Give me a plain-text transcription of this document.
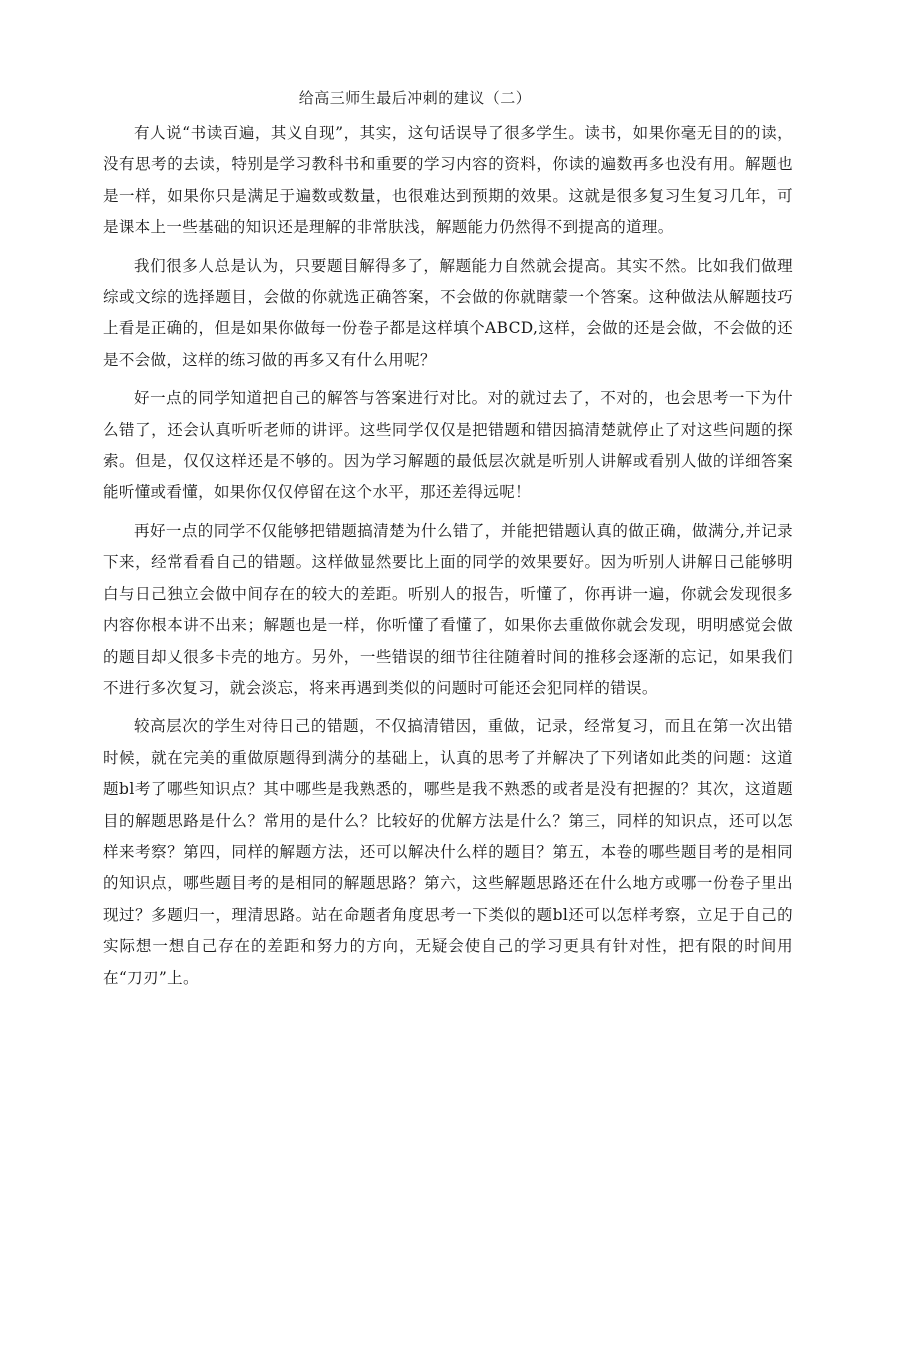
给高三师生最后冲刺的建议（二）

有人说“书读百遍，其义自现”，其实，这句话误导了很多学生。读书，如果你毫无目的的读，没有思考的去读，特别是学习教科书和重要的学习内容的资料，你读的遍数再多也没有用。解题也是一样，如果你只是满足于遍数或数量，也很难达到预期的效果。这就是很多复习生复习几年，可是课本上一些基础的知识还是理解的非常肤浅，解题能力仍然得不到提高的道理。

我们很多人总是认为，只要题目解得多了，解题能力自然就会提高。其实不然。比如我们做理综或文综的选择题目，会做的你就选正确答案，不会做的你就瞎蒙一个答案。这种做法从解题技巧上看是正确的，但是如果你做每一份卷子都是这样填个ABCD,这样，会做的还是会做，不会做的还是不会做，这样的练习做的再多又有什么用呢？

好一点的同学知道把自己的解答与答案进行对比。对的就过去了，不对的，也会思考一下为什么错了，还会认真听听老师的讲评。这些同学仅仅是把错题和错因搞清楚就停止了对这些问题的探索。但是，仅仅这样还是不够的。因为学习解题的最低层次就是听别人讲解或看别人做的详细答案能听懂或看懂，如果你仅仅停留在这个水平，那还差得远呢！

再好一点的同学不仅能够把错题搞清楚为什么错了，并能把错题认真的做正确，做满分,并记录下来，经常看看自己的错题。这样做显然要比上面的同学的效果要好。因为听别人讲解日己能够明白与日己独立会做中间存在的较大的差距。听别人的报告，听懂了，你再讲一遍，你就会发现很多内容你根本讲不出来；解题也是一样，你听懂了看懂了，如果你去重做你就会发现，明明感觉会做的题目却乂很多卡壳的地方。另外，一些错误的细节往往随着时间的推移会逐渐的忘记，如果我们不进行多次复习，就会淡忘，将来再遇到类似的问题时可能还会犯同样的错误。

较高层次的学生对待日己的错题，不仅搞清错因，重做，记录，经常复习，而且在第一次出错时候，就在完美的重做原题得到满分的基础上，认真的思考了并解决了下列诸如此类的问题：这道题bl考了哪些知识点？其中哪些是我熟悉的，哪些是我不熟悉的或者是没有把握的？其次，这道题目的解题思路是什么？常用的是什么？比较好的优解方法是什么？第三，同样的知识点，还可以怎样来考察？第四，同样的解题方法，还可以解决什么样的题目？第五，本卷的哪些题目考的是相同的知识点，哪些题目考的是相同的解题思路？第六，这些解题思路还在什么地方或哪一份卷子里出现过？多题归一，理清思路。站在命题者角度思考一下类似的题bl还可以怎样考察，立足于自己的实际想一想自己存在的差距和努力的方向，无疑会使自己的学习更具有针对性，把有限的时间用在“刀刃”上。
